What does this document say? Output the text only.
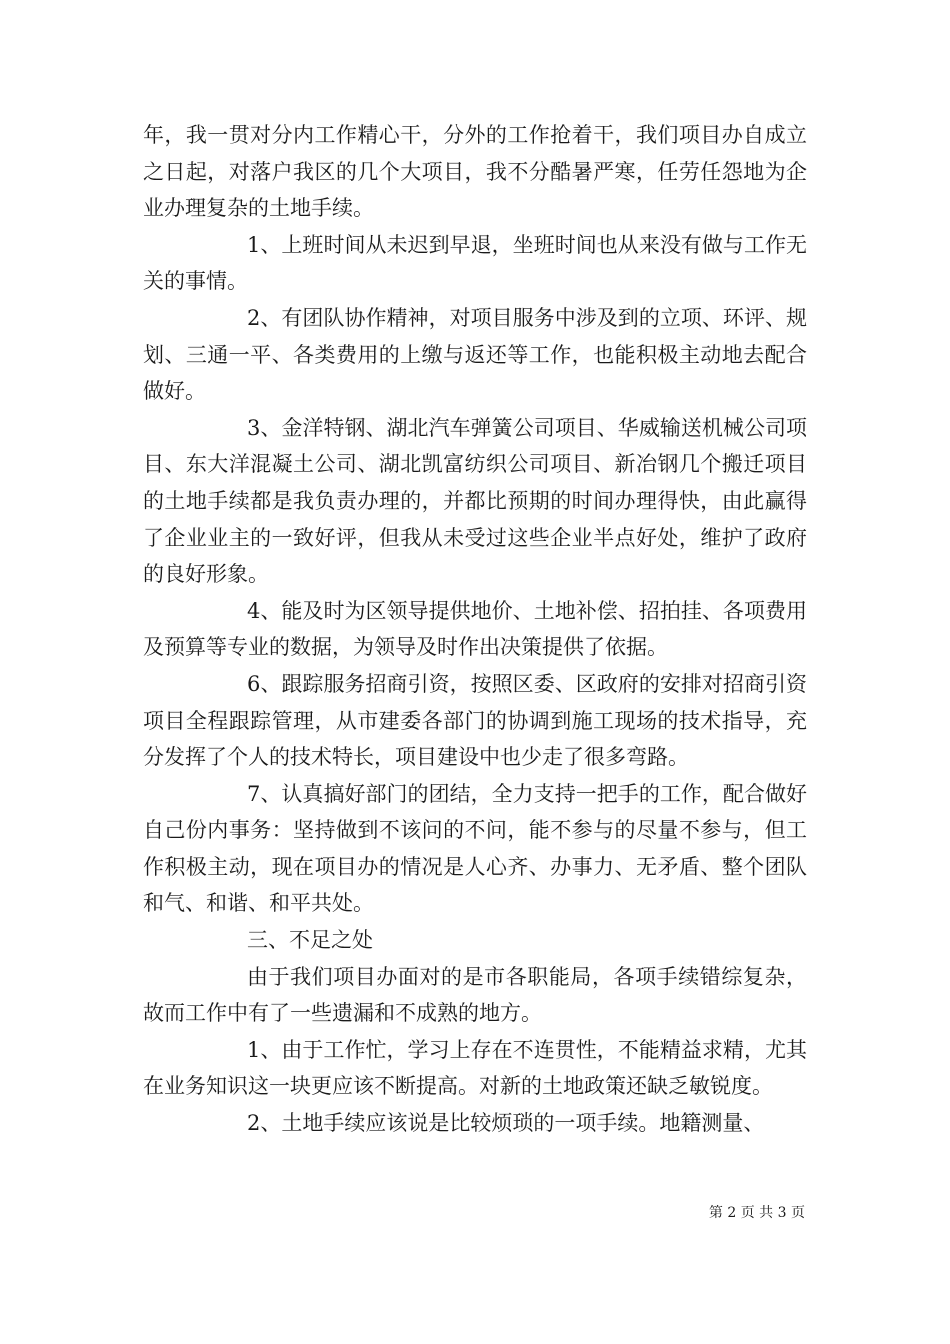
年，我一贯对分内工作精心干，分外的工作抢着干，我们项目办自成立之日起，对落户我区的几个大项目，我不分酷暑严寒，任劳任怨地为企业办理复杂的土地手续。

1、上班时间从未迟到早退，坐班时间也从来没有做与工作无关的事情。

2、有团队协作精神，对项目服务中涉及到的立项、环评、规划、三通一平、各类费用的上缴与返还等工作，也能积极主动地去配合做好。

3、金洋特钢、湖北汽车弹簧公司项目、华威输送机械公司项目、东大洋混凝土公司、湖北凯富纺织公司项目、新冶钢几个搬迁项目的土地手续都是我负责办理的，并都比预期的时间办理得快，由此赢得了企业业主的一致好评，但我从未受过这些企业半点好处，维护了政府的良好形象。

4、能及时为区领导提供地价、土地补偿、招拍挂、各项费用及预算等专业的数据，为领导及时作出决策提供了依据。

6、跟踪服务招商引资，按照区委、区政府的安排对招商引资项目全程跟踪管理，从市建委各部门的协调到施工现场的技术指导，充分发挥了个人的技术特长，项目建设中也少走了很多弯路。

7、认真搞好部门的团结，全力支持一把手的工作，配合做好自己份内事务：坚持做到不该问的不问，能不参与的尽量不参与，但工作积极主动，现在项目办的情况是人心齐、办事力、无矛盾、整个团队和气、和谐、和平共处。

三、不足之处

由于我们项目办面对的是市各职能局，各项手续错综复杂，故而工作中有了一些遗漏和不成熟的地方。

1、由于工作忙，学习上存在不连贯性，不能精益求精，尤其在业务知识这一块更应该不断提高。对新的土地政策还缺乏敏锐度。

2、土地手续应该说是比较烦琐的一项手续。地籍测量、

第 2 页 共 3 页
